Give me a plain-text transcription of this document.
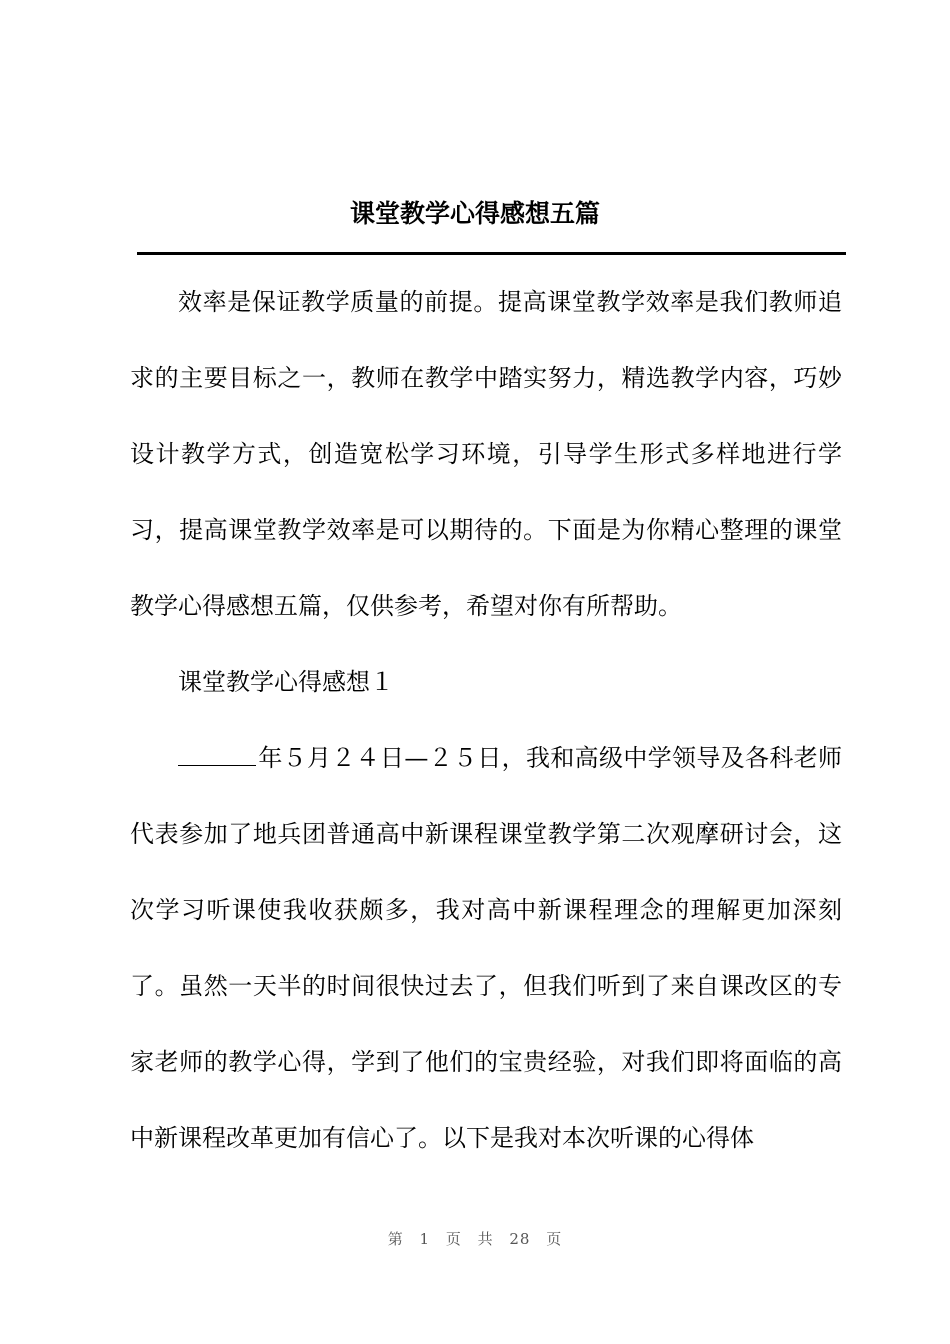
课堂教学心得感想五篇

效率是保证教学质量的前提。提高课堂教学效率是我们教师追求的主要目标之一，教师在教学中踏实努力，精选教学内容，巧妙设计教学方式，创造宽松学习环境，引导学生形式多样地进行学习，提高课堂教学效率是可以期待的。下面是为你精心整理的课堂教学心得感想五篇，仅供参考，希望对你有所帮助。

课堂教学心得感想１

年５月２４日—２５日，我和高级中学领导及各科老师代表参加了地兵团普通高中新课程课堂教学第二次观摩研讨会，这次学习听课使我收获颇多，我对高中新课程理念的理解更加深刻了。虽然一天半的时间很快过去了，但我们听到了来自课改区的专家老师的教学心得，学到了他们的宝贵经验，对我们即将面临的高中新课程改革更加有信心了。以下是我对本次听课的心得体

第 1 页 共 28 页
